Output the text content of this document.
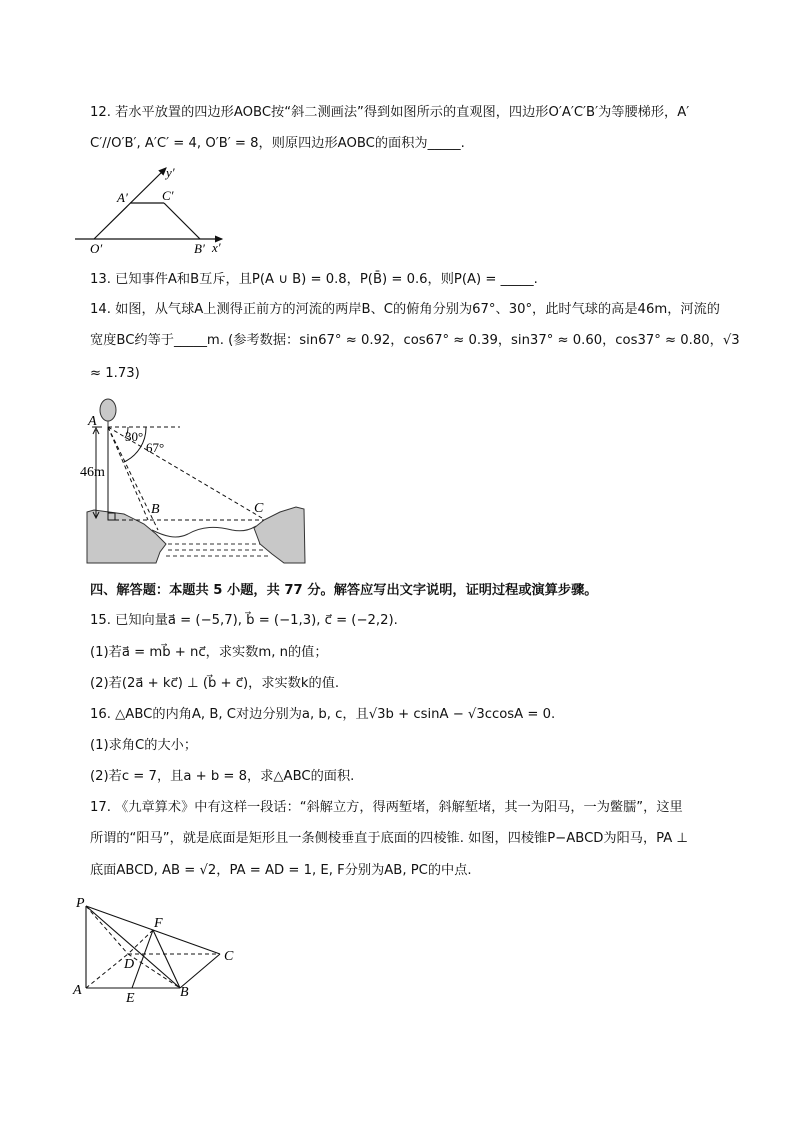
12. 若水平放置的四边形AOBC按“斜二测画法”得到如图所示的直观图，四边形O′A′C′B′为等腰梯形，A′
C′//O′B′, A′C′ = 4, O′B′ = 8，则原四边形AOBC的面积为_____.
y′
A′	C′
O′	B′ x′
13. 已知事件A和B互斥，且P(A ∪ B) = 0.8，P(B̄) = 0.6，则P(A) = _____.
14. 如图，从气球A上测得正前方的河流的两岸B、C的俯角分别为67°、30°，此时气球的高是46m，河流的
宽度BC约等于_____m. (参考数据：sin67° ≈ 0.92，cos67° ≈ 0.39，sin37° ≈ 0.60，cos37° ≈ 0.80，√3
≈ 1.73)
A
30°
67°
46m
B	C
四、解答题：本题共 5 小题，共 77 分。解答应写出文字说明，证明过程或演算步骤。
15. 已知向量a⃗ = (−5,7), b⃗ = (−1,3), c⃗ = (−2,2).
(1)若a⃗ = mb⃗ + nc⃗，求实数m, n的值；
(2)若(2a⃗ + kc⃗) ⊥ (b⃗ + c⃗)，求实数k的值.
16. △ABC的内角A, B, C对边分别为a, b, c，且√3b + csinA − √3ccosA = 0.
(1)求角C的大小；
(2)若c = 7，且a + b = 8，求△ABC的面积.
17. 《九章算术》中有这样一段话：“斜解立方，得两堑堵，斜解堑堵，其一为阳马，一为鳖臑”，这里
所谓的“阳马”，就是底面是矩形且一条侧棱垂直于底面的四棱锥. 如图，四棱锥P−ABCD为阳马，PA ⊥
底面ABCD, AB = √2，PA = AD = 1, E, F分别为AB, PC的中点.
P
F
D
C
A
E	B
